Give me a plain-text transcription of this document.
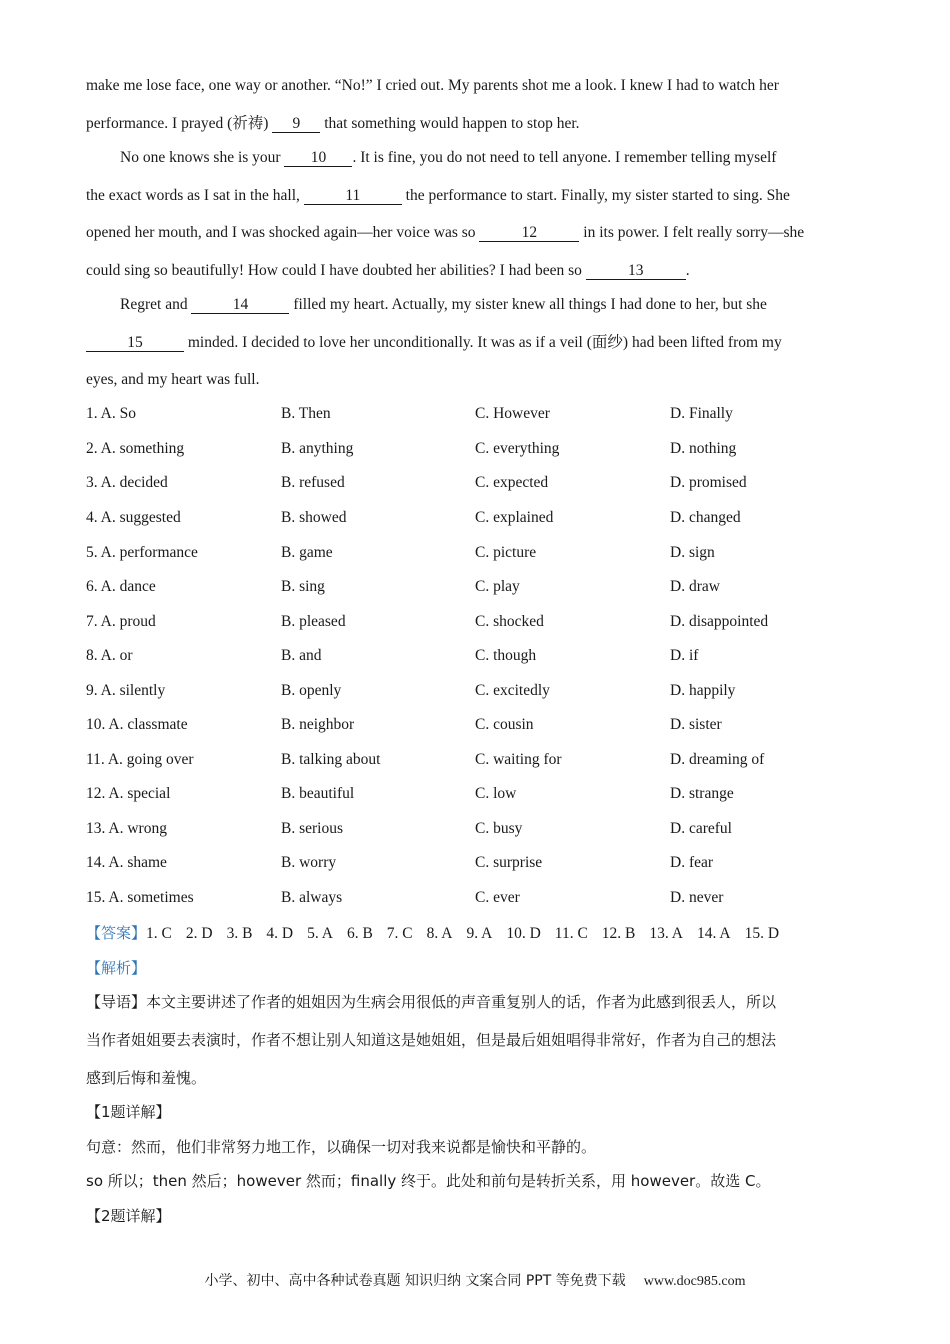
make me lose face, one way or another. “No!” I cried out. My parents shot me a look. I knew I had to watch her
performance. I prayed (祈祷) 9 that something would happen to stop her.
No one knows she is your 10 . It is fine, you do not need to tell anyone. I remember telling myself
the exact words as I sat in the hall,	11	the performance to start. Finally, my sister started to sing. She
opened her mouth, and I was shocked again—her voice was so	12	in its power. I felt really sorry—she
could sing so beautifully! How could I have doubted her abilities? I had been so	13	.
Regret and	14	filled my heart. Actually, my sister knew all things I had done to her, but she
15	minded. I decided to love her unconditionally. It was as if a veil (面纱) had been lifted from my
eyes, and my heart was full.
1. A. So	B. Then	C. However	D. Finally
2. A. something	B. anything	C. everything	D. nothing
3. A. decided	B. refused	C. expected	D. promised
4. A. suggested	B. showed	C. explained	D. changed
5. A. performance	B. game	C. picture	D. sign
6. A. dance	B. sing	C. play	D. draw
7. A. proud	B. pleased	C. shocked	D. disappointed
8. A. or	B. and	C. though	D. if
9. A. silently	B. openly	C. excitedly	D. happily
10. A. classmate	B. neighbor	C. cousin	D. sister
11. A. going over	B. talking about	C. waiting for	D. dreaming of
12. A. special	B. beautiful	C. low	D. strange
13. A. wrong	B. serious	C. busy	D. careful
14. A. shame	B. worry	C. surprise	D. fear
15. A. sometimes	B. always	C. ever	D. never
【答案】1. C 2. D 3. B 4. D 5. A 6. B 7. C 8. A 9. A 10. D 11. C 12. B 13. A 14. A 15. D
【解析】
【导语】本文主要讲述了作者的姐姐因为生病会用很低的声音重复别人的话，作者为此感到很丢人，所以
当作者姐姐要去表演时，作者不想让别人知道这是她姐姐，但是最后姐姐唱得非常好，作者为自己的想法
感到后悔和羞愧。
【1题详解】
句意：然而，他们非常努力地工作，以确保一切对我来说都是愉快和平静的。
so 所以；then 然后；however 然而；finally 终于。此处和前句是转折关系，用 however。故选 C。
【2题详解】
小学、初中、高中各种试卷真题 知识归纳 文案合同 PPT 等免费下载 www.doc985.com
